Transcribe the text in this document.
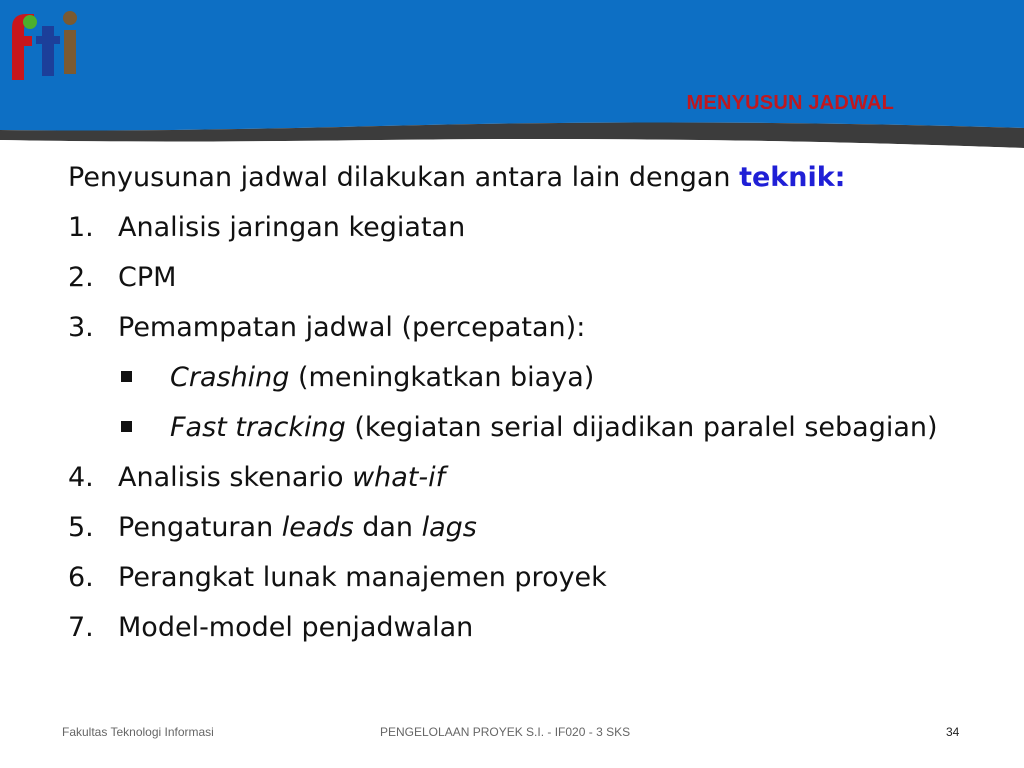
MENYUSUN JADWAL
Penyusunan jadwal dilakukan antara lain dengan teknik:
1. Analisis jaringan kegiatan
2. CPM
3. Pemampatan jadwal (percepatan):
Crashing (meningkatkan biaya)
Fast tracking (kegiatan serial dijadikan paralel sebagian)
4. Analisis skenario what-if
5. Pengaturan leads dan lags
6. Perangkat lunak manajemen proyek
7. Model-model penjadwalan
Fakultas Teknologi Informasi	PENGELOLAAN PROYEK S.I. - IF020 - 3 SKS	34
